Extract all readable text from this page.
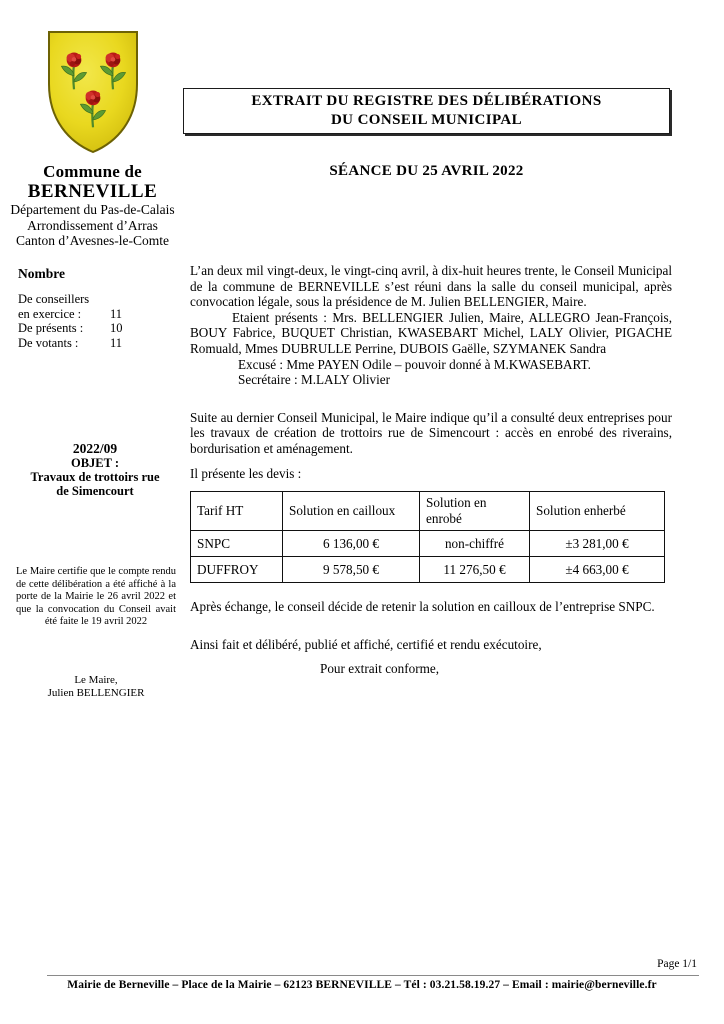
Commune de
BERNEVILLE
Département du Pas-de-Calais
Arrondissement d’Arras
Canton d’Avesnes-le-Comte
Nombre
De conseillers
en exercice :	11
De présents :	10
De votants :	11
2022/09
OBJET :
Travaux de trottoirs rue
de Simencourt
Le Maire certifie que le compte rendu de cette délibération a été affiché à la porte de la Mairie le 26 avril 2022 et que la convocation du Conseil avait été faite le 19 avril 2022
Le Maire,
Julien BELLENGIER
EXTRAIT DU REGISTRE DES DÉLIBÉRATIONS
DU CONSEIL MUNICIPAL
SÉANCE DU 25 AVRIL 2022

L’an deux mil vingt-deux, le vingt-cinq avril, à dix-huit heures trente, le Conseil Municipal de la commune de BERNEVILLE s’est réuni dans la salle du conseil municipal, après convocation légale, sous la présidence de M. Julien BELLENGIER, Maire.

Etaient présents : Mrs. BELLENGIER Julien, Maire, ALLEGRO Jean-François, BOUY Fabrice, BUQUET Christian, KWASEBART Michel, LALY Olivier, PIGACHE Romuald, Mmes DUBRULLE Perrine, DUBOIS Gaëlle, SZYMANEK Sandra

Excusé : Mme PAYEN Odile – pouvoir donné à M.KWASEBART.

Secrétaire : M.LALY Olivier

Suite au dernier Conseil Municipal, le Maire indique qu’il a consulté deux entreprises pour les travaux de création de trottoirs rue de Simencourt : accès en enrobé des riverains, bordurisation et aménagement.

Il présente les devis :

Tarif HT	Solution en cailloux	Solution en enrobé	Solution enherbé
SNPC	6 136,00 €	non-chiffré	±3 281,00 €
DUFFROY	9 578,50 €	11 276,50 €	±4 663,00 €

Après échange, le conseil décide de retenir la solution en cailloux de l’entreprise SNPC.

Ainsi fait et délibéré, publié et affiché, certifié et rendu exécutoire,

Pour extrait conforme,

Page 1/1
Mairie de Berneville – Place de la Mairie – 62123 BERNEVILLE – Tél : 03.21.58.19.27 – Email : mairie@berneville.fr
